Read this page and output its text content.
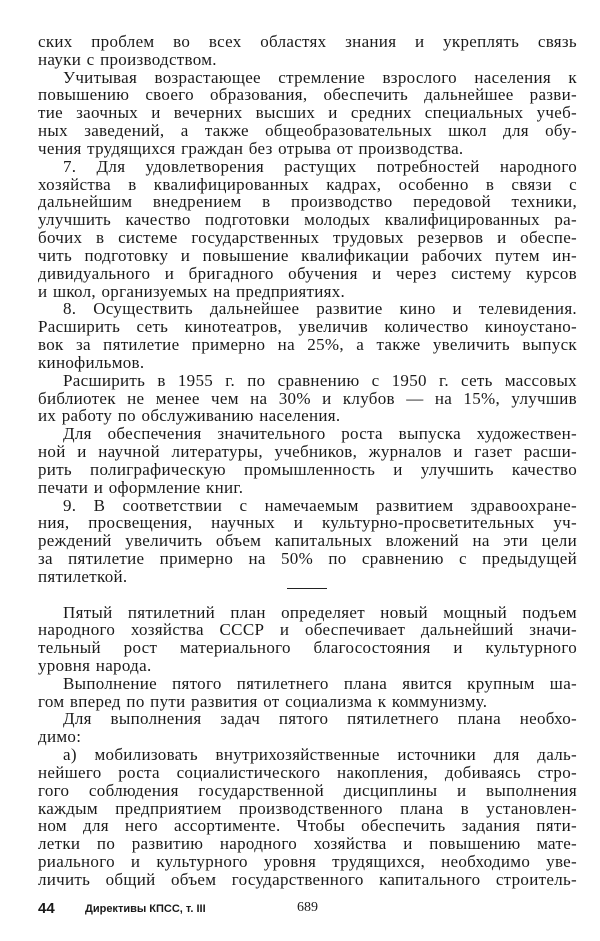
ских проблем во всех областях знания и укреплять связь
науки с производством.
Учитывая возрастающее стремление взрослого населения к
повышению своего образования, обеспечить дальнейшее разви-
тие заочных и вечерних высших и средних специальных учеб-
ных заведений, а также общеобразовательных школ для обу-
чения трудящихся граждан без отрыва от производства.
7. Для удовлетворения растущих потребностей народного
хозяйства в квалифицированных кадрах, особенно в связи с
дальнейшим внедрением в производство передовой техники,
улучшить качество подготовки молодых квалифицированных ра-
бочих в системе государственных трудовых резервов и обеспе-
чить подготовку и повышение квалификации рабочих путем ин-
дивидуального и бригадного обучения и через систему курсов
и школ, организуемых на предприятиях.
8. Осуществить дальнейшее развитие кино и телевидения.
Расширить сеть кинотеатров, увеличив количество киноустано-
вок за пятилетие примерно на 25%, а также увеличить выпуск
кинофильмов.
Расширить в 1955 г. по сравнению с 1950 г. сеть массовых
библиотек не менее чем на 30% и клубов — на 15%, улучшив
их работу по обслуживанию населения.
Для обеспечения значительного роста выпуска художествен-
ной и научной литературы, учебников, журналов и газет расши-
рить полиграфическую промышленность и улучшить качество
печати и оформление книг.
9. В соответствии с намечаемым развитием здравоохране-
ния, просвещения, научных и культурно-просветительных уч-
реждений увеличить объем капитальных вложений на эти цели
за пятилетие примерно на 50% по сравнению с предыдущей
пятилеткой.
Пятый пятилетний план определяет новый мощный подъем
народного хозяйства СССР и обеспечивает дальнейший значи-
тельный рост материального благосостояния и культурного
уровня народа.
Выполнение пятого пятилетнего плана явится крупным ша-
гом вперед по пути развития от социализма к коммунизму.
Для выполнения задач пятого пятилетнего плана необхо-
димо:
а) мобилизовать внутрихозяйственные источники для даль-
нейшего роста социалистического накопления, добиваясь стро-
гого соблюдения государственной дисциплины и выполнения
каждым предприятием производственного плана в установлен-
ном для него ассортименте. Чтобы обеспечить задания пяти-
летки по развитию народного хозяйства и повышению мате-
риального и культурного уровня трудящихся, необходимо уве-
личить общий объем государственного капитального строитель-
44	Директивы КПСС, т. III	689
